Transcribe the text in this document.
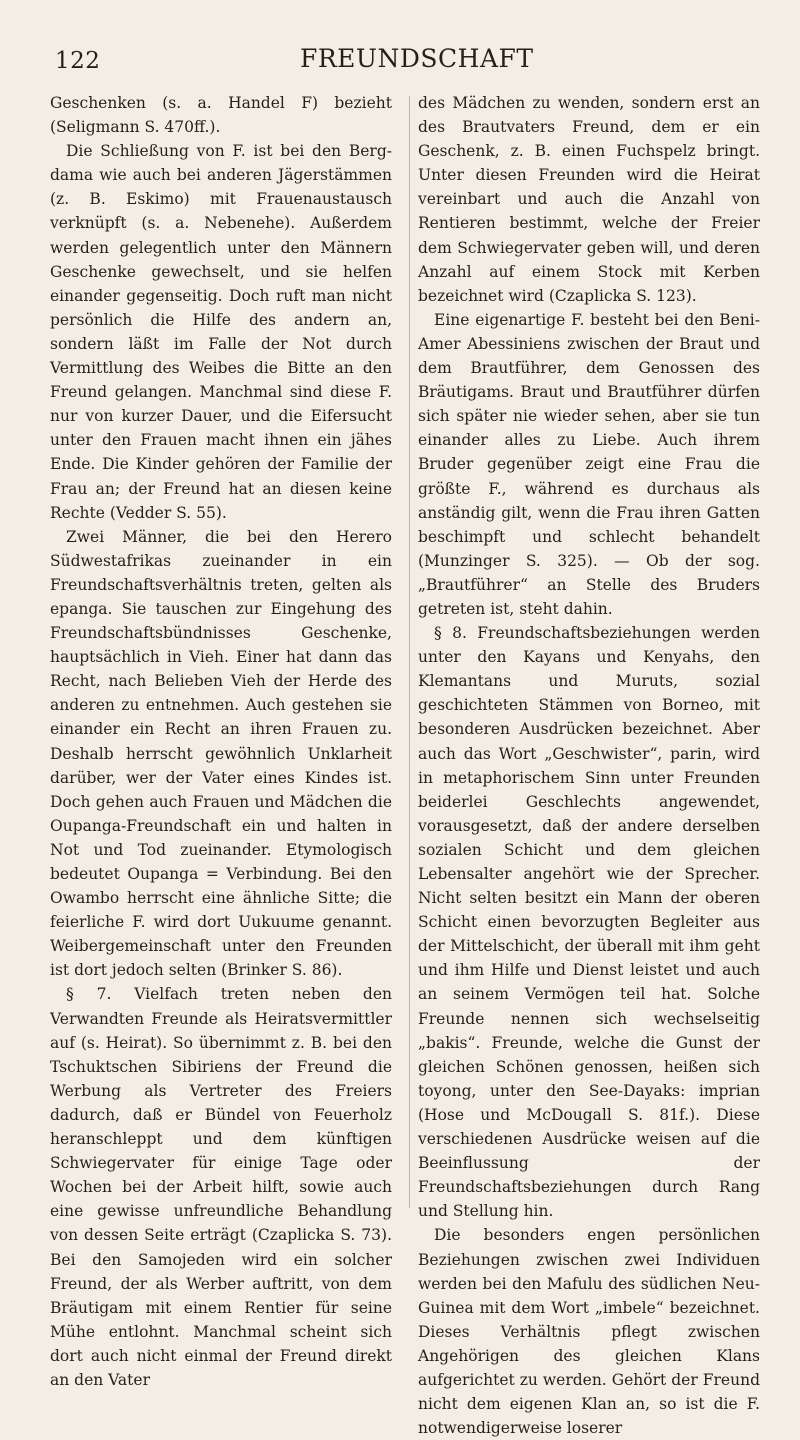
122	FREUNDSCHAFT

Geschenken (s. a. Handel F) bezieht (Seligmann S. 470ff.).

Die Schließung von F. ist bei den Berg-dama wie auch bei anderen Jägerstämmen (z. B. Eskimo) mit Frauenaustausch verknüpft (s. a. Nebenehe). Außerdem werden gelegentlich unter den Männern Geschenke gewechselt, und sie helfen einander gegenseitig. Doch ruft man nicht persönlich die Hilfe des andern an, sondern läßt im Falle der Not durch Vermittlung des Weibes die Bitte an den Freund gelangen. Manchmal sind diese F. nur von kurzer Dauer, und die Eifersucht unter den Frauen macht ihnen ein jähes Ende. Die Kinder gehören der Familie der Frau an; der Freund hat an diesen keine Rechte (Vedder S. 55).

Zwei Männer, die bei den Herero Südwestafrikas zueinander in ein Freundschaftsverhältnis treten, gelten als epanga. Sie tauschen zur Eingehung des Freundschaftsbündnisses Geschenke, hauptsächlich in Vieh. Einer hat dann das Recht, nach Belieben Vieh der Herde des anderen zu entnehmen. Auch gestehen sie einander ein Recht an ihren Frauen zu. Deshalb herrscht gewöhnlich Unklarheit darüber, wer der Vater eines Kindes ist. Doch gehen auch Frauen und Mädchen die Oupanga-Freundschaft ein und halten in Not und Tod zueinander. Etymologisch bedeutet Oupanga = Verbindung. Bei den Owambo herrscht eine ähnliche Sitte; die feierliche F. wird dort Uukuume genannt. Weibergemeinschaft unter den Freunden ist dort jedoch selten (Brinker S. 86).

§ 7. Vielfach treten neben den Verwandten Freunde als Heiratsvermittler auf (s. Heirat). So übernimmt z. B. bei den Tschuktschen Sibiriens der Freund die Werbung als Vertreter des Freiers dadurch, daß er Bündel von Feuerholz heranschleppt und dem künftigen Schwiegervater für einige Tage oder Wochen bei der Arbeit hilft, sowie auch eine gewisse unfreundliche Behandlung von dessen Seite erträgt (Czaplicka S. 73). Bei den Samojeden wird ein solcher Freund, der als Werber auftritt, von dem Bräutigam mit einem Rentier für seine Mühe entlohnt. Manchmal scheint sich dort auch nicht einmal der Freund direkt an den Vater

des Mädchen zu wenden, sondern erst an des Brautvaters Freund, dem er ein Geschenk, z. B. einen Fuchspelz bringt. Unter diesen Freunden wird die Heirat vereinbart und auch die Anzahl von Rentieren bestimmt, welche der Freier dem Schwiegervater geben will, und deren Anzahl auf einem Stock mit Kerben bezeichnet wird (Czaplicka S. 123).

Eine eigenartige F. besteht bei den Beni-Amer Abessiniens zwischen der Braut und dem Brautführer, dem Genossen des Bräutigams. Braut und Brautführer dürfen sich später nie wieder sehen, aber sie tun einander alles zu Liebe. Auch ihrem Bruder gegenüber zeigt eine Frau die größte F., während es durchaus als anständig gilt, wenn die Frau ihren Gatten beschimpft und schlecht behandelt (Munzinger S. 325). — Ob der sog. „Brautführer“ an Stelle des Bruders getreten ist, steht dahin.

§ 8. Freundschaftsbeziehungen werden unter den Kayans und Kenyahs, den Klemantans und Muruts, sozial geschichteten Stämmen von Borneo, mit besonderen Ausdrücken bezeichnet. Aber auch das Wort „Geschwister“, parin, wird in metaphorischem Sinn unter Freunden beiderlei Geschlechts angewendet, vorausgesetzt, daß der andere derselben sozialen Schicht und dem gleichen Lebensalter angehört wie der Sprecher. Nicht selten besitzt ein Mann der oberen Schicht einen bevorzugten Begleiter aus der Mittelschicht, der überall mit ihm geht und ihm Hilfe und Dienst leistet und auch an seinem Vermögen teil hat. Solche Freunde nennen sich wechselseitig „bakis“. Freunde, welche die Gunst der gleichen Schönen genossen, heißen sich toyong, unter den See-Dayaks: imprian (Hose und McDougall S. 81f.). Diese verschiedenen Ausdrücke weisen auf die Beeinflussung der Freundschaftsbeziehungen durch Rang und Stellung hin.

Die besonders engen persönlichen Beziehungen zwischen zwei Individuen werden bei den Mafulu des südlichen Neu-Guinea mit dem Wort „imbele“ bezeichnet. Dieses Verhältnis pflegt zwischen Angehörigen des gleichen Klans aufgerichtet zu werden. Gehört der Freund nicht dem eigenen Klan an, so ist die F. notwendigerweise loserer
